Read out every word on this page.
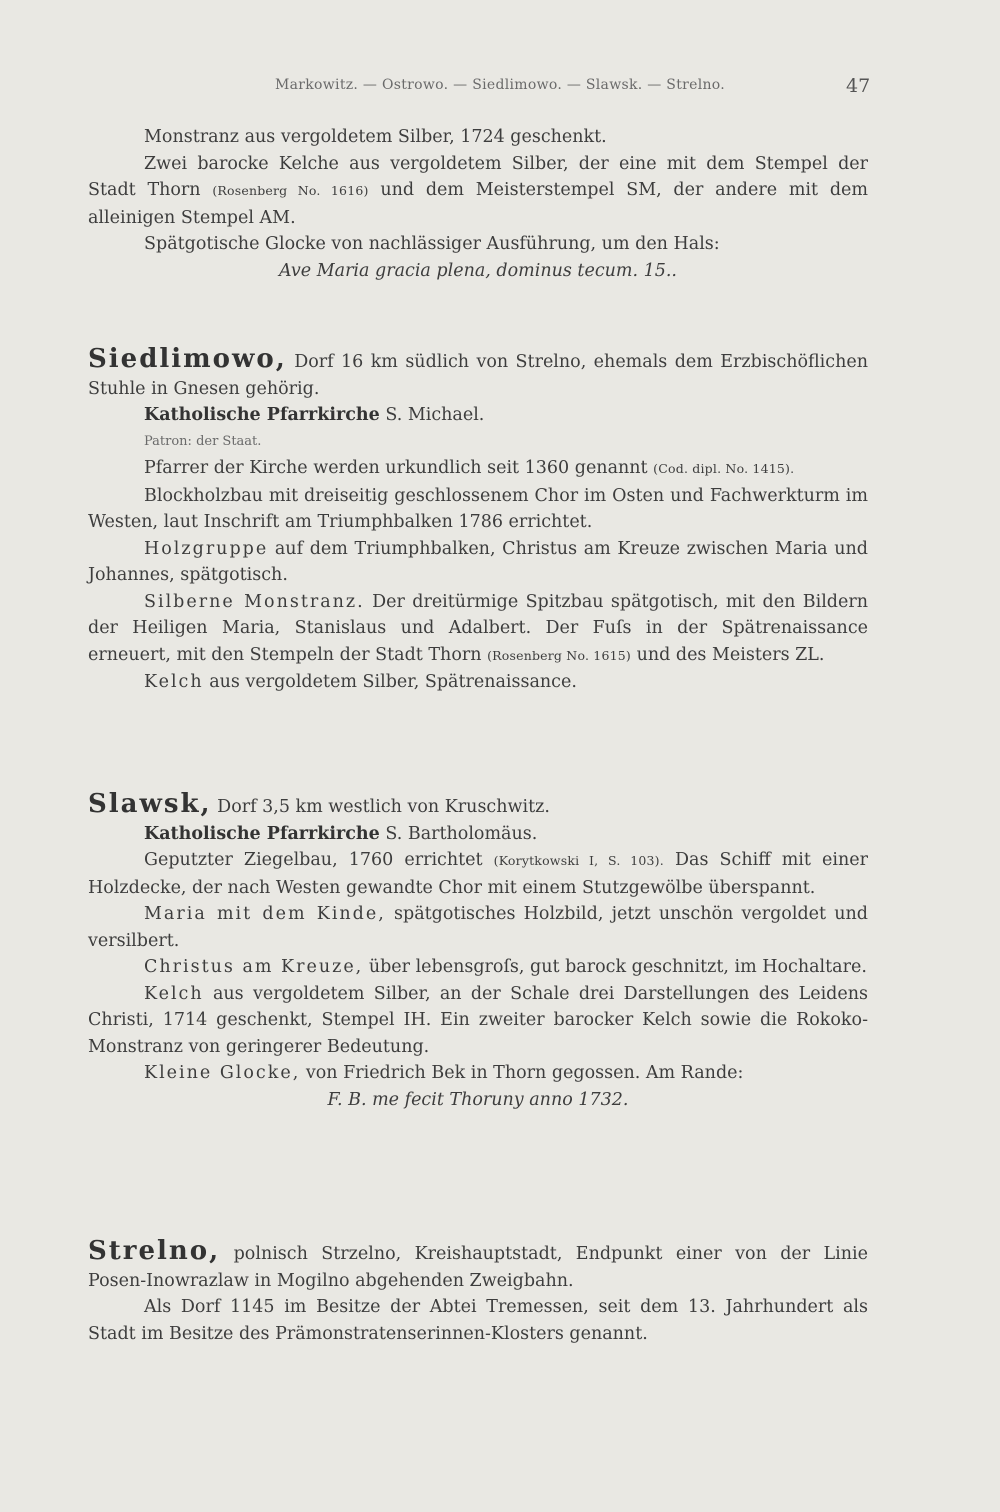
Markowitz. — Ostrowo. — Siedlimowo. — Slawsk. — Strelno.	47

Monstranz aus vergoldetem Silber, 1724 geschenkt.

Zwei barocke Kelche aus vergoldetem Silber, der eine mit dem Stempel der Stadt Thorn (Rosenberg No. 1616) und dem Meisterstempel SM, der andere mit dem alleinigen Stempel AM.

Spätgotische Glocke von nachlässiger Ausführung, um den Hals:

Ave Maria gracia plena, dominus tecum. 15..

Siedlimowo, Dorf 16 km südlich von Strelno, ehemals dem Erzbischöflichen Stuhle in Gnesen gehörig.

Katholische Pfarrkirche S. Michael.

Patron: der Staat.

Pfarrer der Kirche werden urkundlich seit 1360 genannt (Cod. dipl. No. 1415).

Blockholzbau mit dreiseitig geschlossenem Chor im Osten und Fachwerkturm im Westen, laut Inschrift am Triumphbalken 1786 errichtet.

Holzgruppe auf dem Triumphbalken, Christus am Kreuze zwischen Maria und Johannes, spätgotisch.

Silberne Monstranz. Der dreitürmige Spitzbau spätgotisch, mit den Bildern der Heiligen Maria, Stanislaus und Adalbert. Der Fuſs in der Spätrenaissance erneuert, mit den Stempeln der Stadt Thorn (Rosenberg No. 1615) und des Meisters ZL.

Kelch aus vergoldetem Silber, Spätrenaissance.

Slawsk, Dorf 3,5 km westlich von Kruschwitz.

Katholische Pfarrkirche S. Bartholomäus.

Geputzter Ziegelbau, 1760 errichtet (Korytkowski I, S. 103). Das Schiff mit einer Holzdecke, der nach Westen gewandte Chor mit einem Stutzgewölbe überspannt.

Maria mit dem Kinde, spätgotisches Holzbild, jetzt unschön vergoldet und versilbert.

Christus am Kreuze, über lebensgroſs, gut barock geschnitzt, im Hochaltare.

Kelch aus vergoldetem Silber, an der Schale drei Darstellungen des Leidens Christi, 1714 geschenkt, Stempel IH. Ein zweiter barocker Kelch sowie die Rokoko-Monstranz von geringerer Bedeutung.

Kleine Glocke, von Friedrich Bek in Thorn gegossen. Am Rande:

F. B. me fecit Thoruny anno 1732.

Strelno, polnisch Strzelno, Kreishauptstadt, Endpunkt einer von der Linie Posen-Inowrazlaw in Mogilno abgehenden Zweigbahn.

Als Dorf 1145 im Besitze der Abtei Tremessen, seit dem 13. Jahrhundert als Stadt im Besitze des Prämonstratenserinnen-Klosters genannt.
